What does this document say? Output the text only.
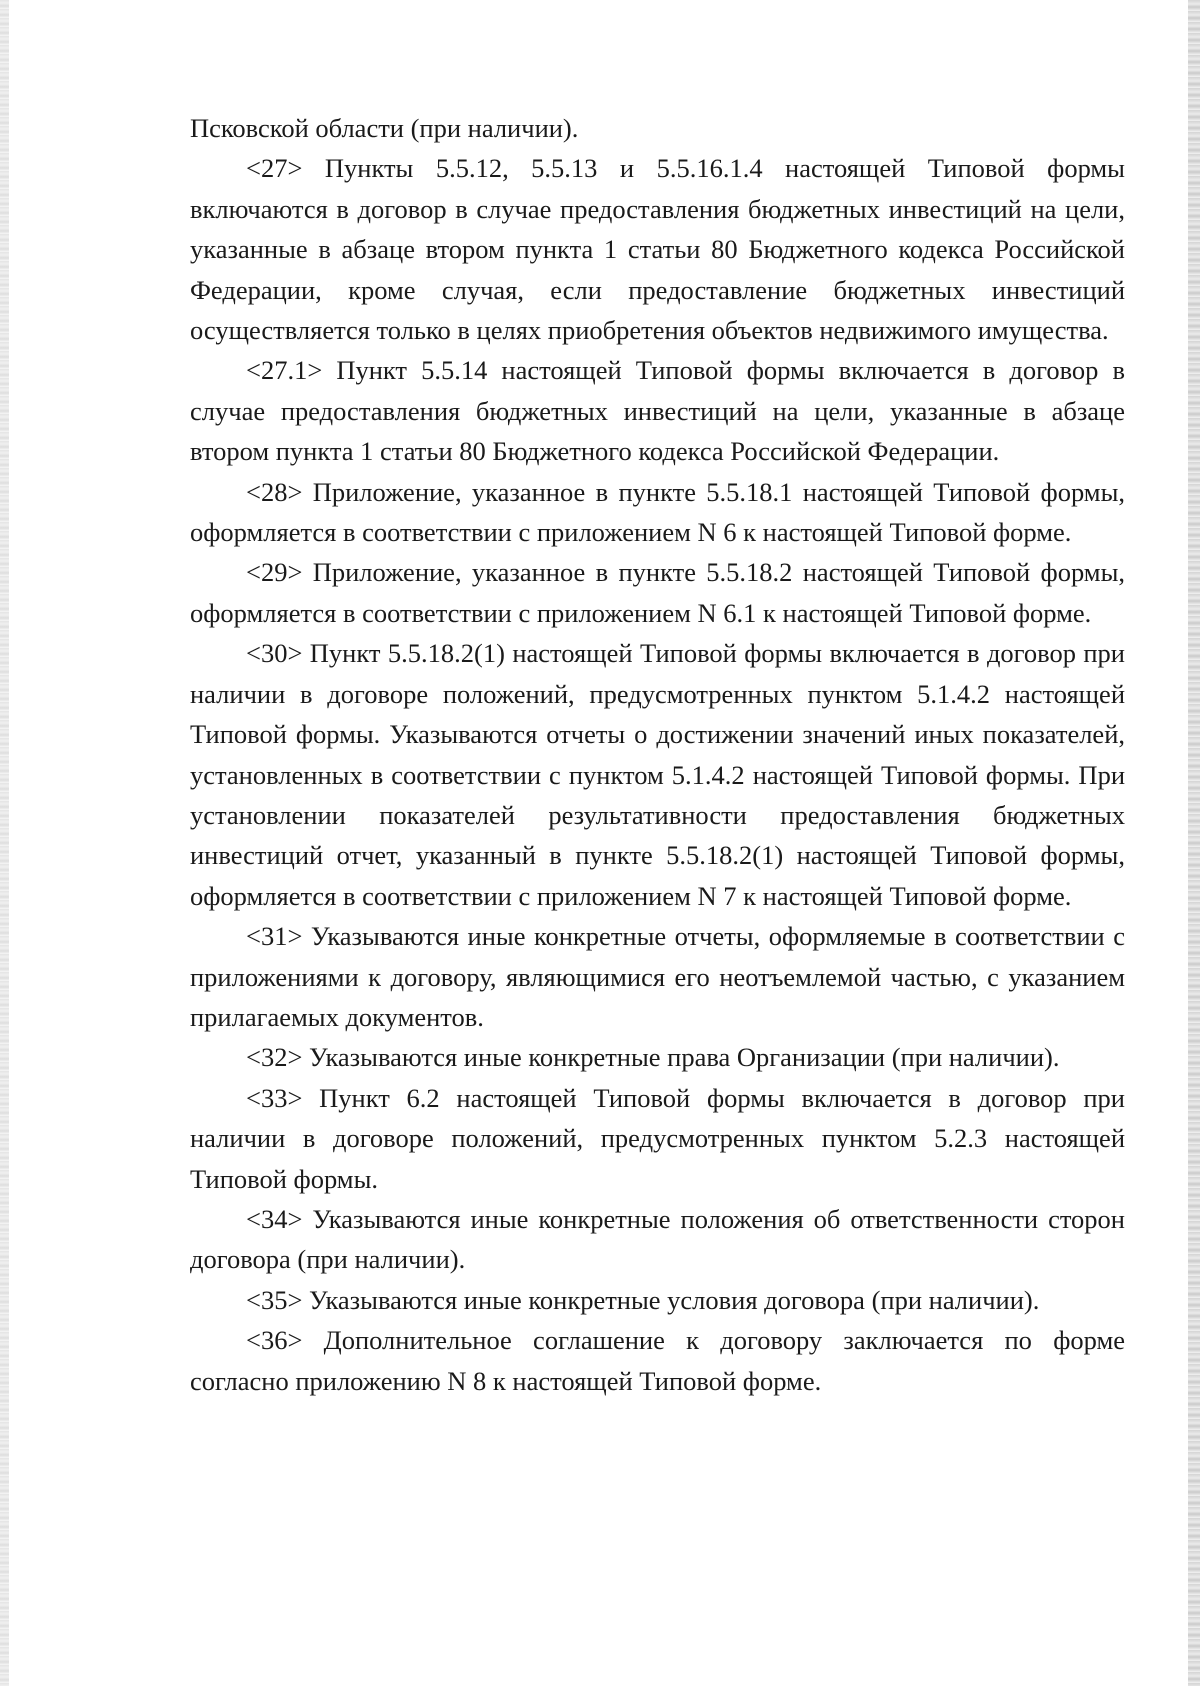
Псковской области (при наличии).

<27> Пункты 5.5.12, 5.5.13 и 5.5.16.1.4 настоящей Типовой формы включаются в договор в случае предоставления бюджетных инвестиций на цели, указанные в абзаце втором пункта 1 статьи 80 Бюджетного кодекса Российской Федерации, кроме случая, если предоставление бюджетных инвестиций осуществляется только в целях приобретения объектов недвижимого имущества.

<27.1> Пункт 5.5.14 настоящей Типовой формы включается в договор в случае предоставления бюджетных инвестиций на цели, указанные в абзаце втором пункта 1 статьи 80 Бюджетного кодекса Российской Федерации.

<28> Приложение, указанное в пункте 5.5.18.1 настоящей Типовой формы, оформляется в соответствии с приложением N 6 к настоящей Типовой форме.

<29> Приложение, указанное в пункте 5.5.18.2 настоящей Типовой формы, оформляется в соответствии с приложением N 6.1 к настоящей Типовой форме.

<30> Пункт 5.5.18.2(1) настоящей Типовой формы включается в договор при наличии в договоре положений, предусмотренных пунктом 5.1.4.2 настоящей Типовой формы. Указываются отчеты о достижении значений иных показателей, установленных в соответствии с пунктом 5.1.4.2 настоящей Типовой формы. При установлении показателей результативности предоставления бюджетных инвестиций отчет, указанный в пункте 5.5.18.2(1) настоящей Типовой формы, оформляется в соответствии с приложением N 7 к настоящей Типовой форме.

<31> Указываются иные конкретные отчеты, оформляемые в соответствии с приложениями к договору, являющимися его неотъемлемой частью, с указанием прилагаемых документов.

<32> Указываются иные конкретные права Организации (при наличии).

<33> Пункт 6.2 настоящей Типовой формы включается в договор при наличии в договоре положений, предусмотренных пунктом 5.2.3 настоящей Типовой формы.

<34> Указываются иные конкретные положения об ответственности сторон договора (при наличии).

<35> Указываются иные конкретные условия договора (при наличии).

<36> Дополнительное соглашение к договору заключается по форме согласно приложению N 8 к настоящей Типовой форме.
